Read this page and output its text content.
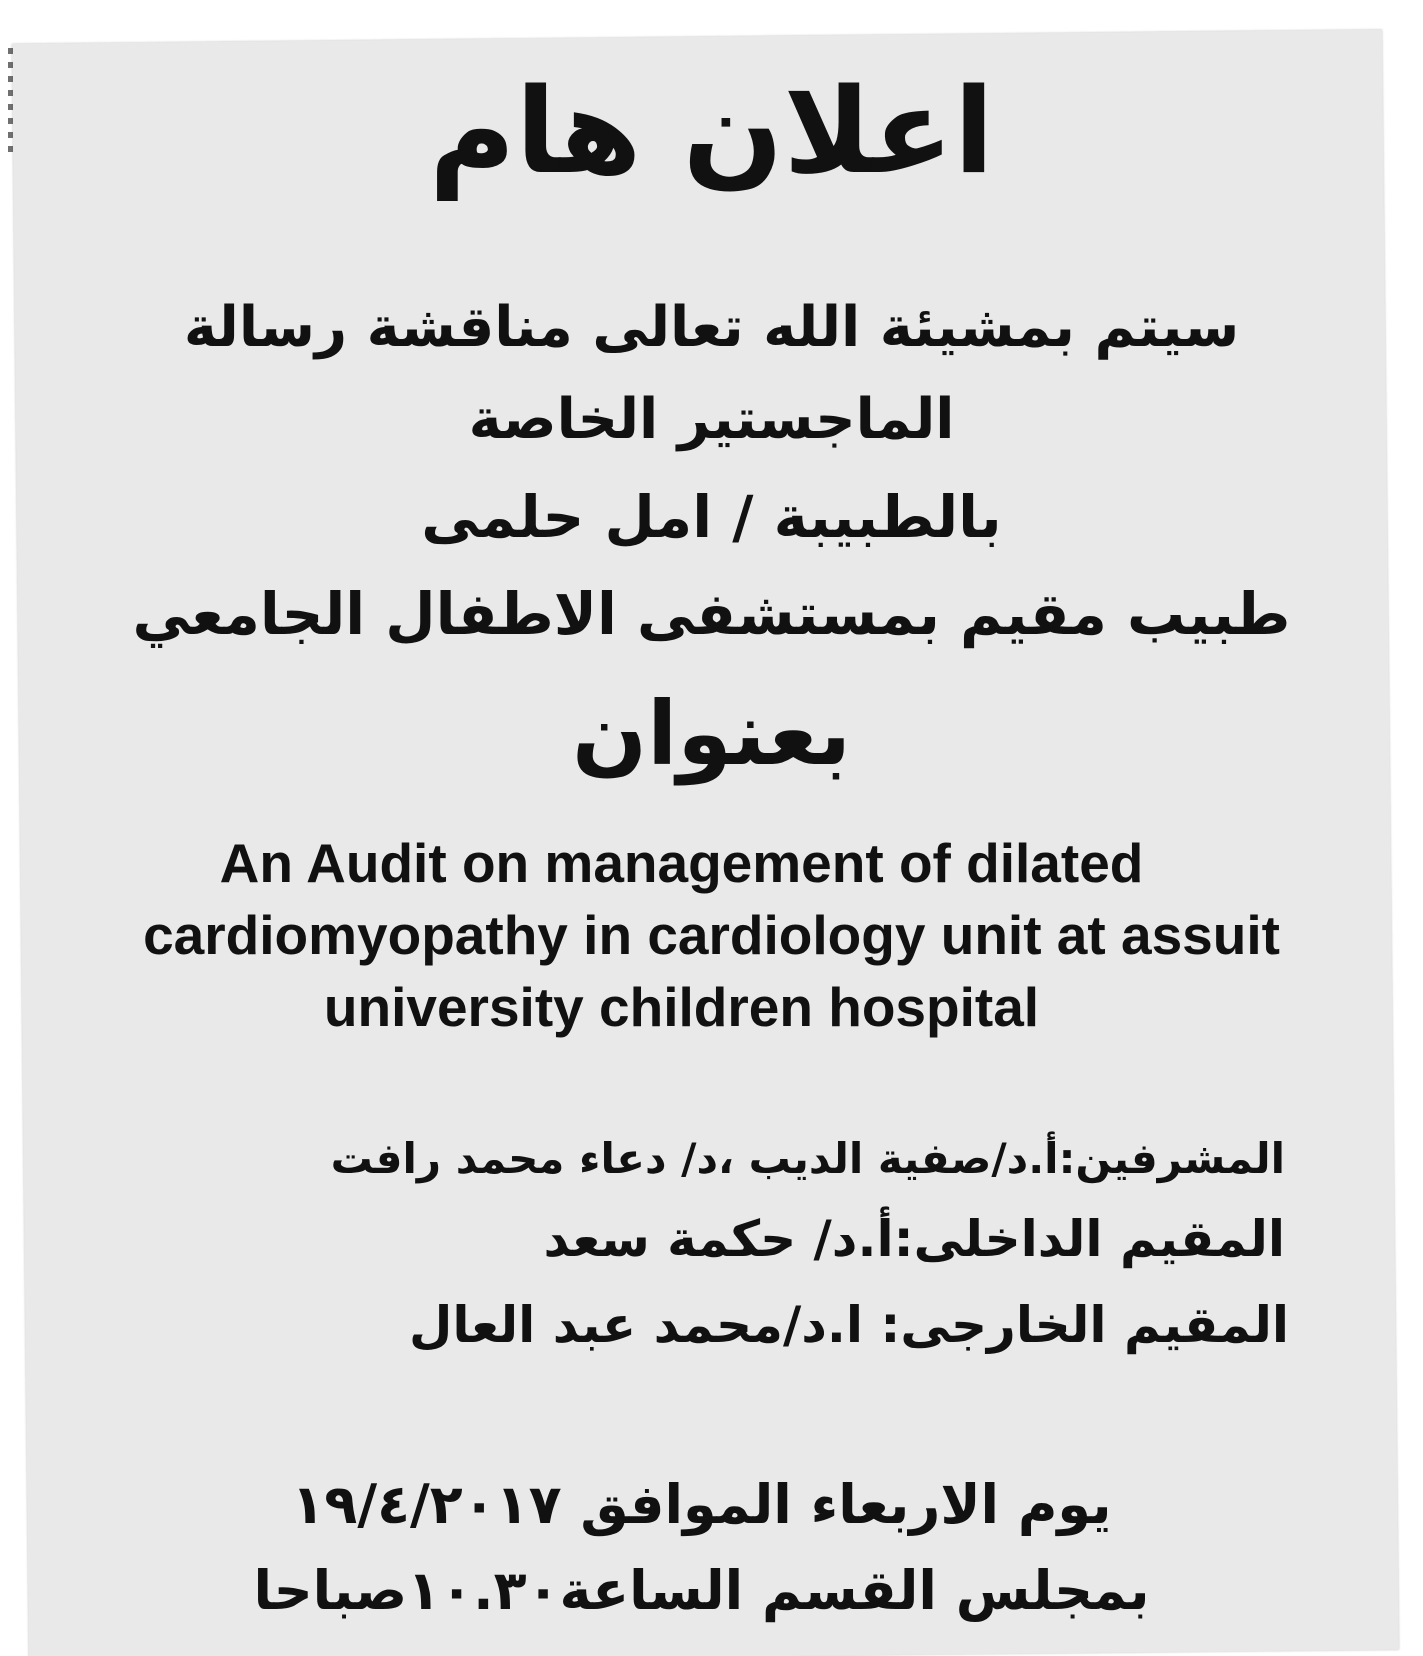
اعلان هام

سيتم بمشيئة الله تعالى مناقشة رسالة

الماجستير الخاصة

بالطبيبة / امل حلمى

طبيب مقيم بمستشفى الاطفال الجامعي

بعنوان

An Audit on management of dilated

cardiomyopathy in cardiology unit at assuit

university children hospital

المشرفين:أ.د/صفية الديب ،د/ دعاء محمد رافت

المقيم الداخلى:أ.د/ حكمة سعد

المقيم الخارجى: ا.د/محمد عبد العال

يوم الاربعاء الموافق ١٩/٤/٢٠١٧

بمجلس القسم الساعة١٠.٣٠صباحا
